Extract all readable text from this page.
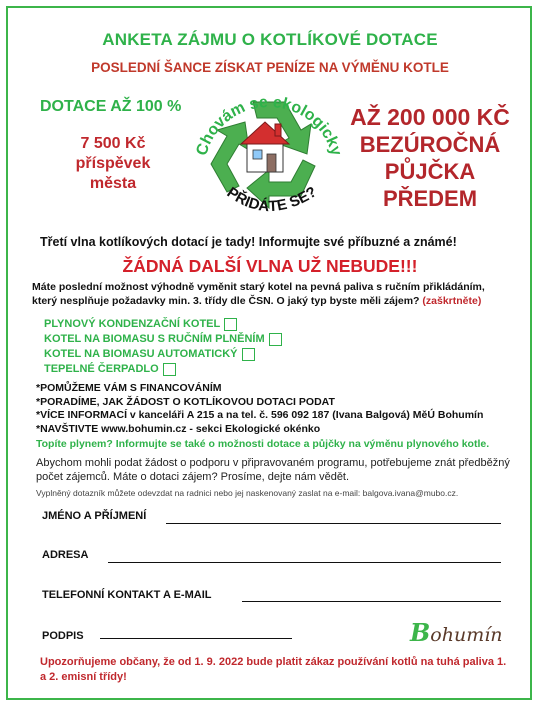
ANKETA ZÁJMU O KOTLÍKOVÉ DOTACE
POSLEDNÍ ŠANCE ZÍSKAT PENÍZE NA VÝMĚNU KOTLE
DOTACE AŽ 100 %
7 500 Kč
příspěvek
města
AŽ 200 000 KČ
BEZÚROČNÁ
PŮJČKA
PŘEDEM
Chovám se ekologicky
PŘIDÁTE SE?
Třetí vlna kotlíkových dotací je tady! Informujte své příbuzné a známé!
ŽÁDNÁ DALŠÍ VLNA UŽ NEBUDE!!!
Máte poslední možnost výhodně vyměnit starý kotel na pevná paliva s ručním přikládáním, který nesplňuje požadavky min. 3. třídy dle ČSN. O jaký typ byste měli zájem? (zaškrtněte)
PLYNOVÝ KONDENZAČNÍ KOTEL
KOTEL NA BIOMASU S RUČNÍM PLNĚNÍM
KOTEL NA BIOMASU AUTOMATICKÝ
TEPELNÉ ČERPADLO
*POMŮŽEME VÁM S FINANCOVÁNÍM
*PORADÍME, JAK ŽÁDOST O KOTLÍKOVOU DOTACI PODAT
*VÍCE INFORMACÍ v kanceláři A 215 a na tel. č. 596 092 187 (Ivana Balgová) MěÚ Bohumín
*NAVŠTIVTE www.bohumin.cz - sekci Ekologické okénko
Topíte plynem? Informujte se také o možnosti dotace a půjčky na výměnu plynového kotle.
Abychom mohli podat žádost o podporu v připravovaném programu, potřebujeme znát předběžný počet zájemců. Máte o dotaci zájem? Prosíme, dejte nám vědět.
Vyplněný dotazník můžete odevzdat na radnici nebo jej naskenovaný zaslat na e-mail: balgova.ivana@mubo.cz.
JMÉNO A PŘÍJMENÍ
ADRESA
TELEFONNÍ KONTAKT A E-MAIL
PODPIS	Bohumín
Upozorňujeme občany, že od 1. 9. 2022 bude platit zákaz používání kotlů na tuhá paliva 1. a 2. emisní třídy!
